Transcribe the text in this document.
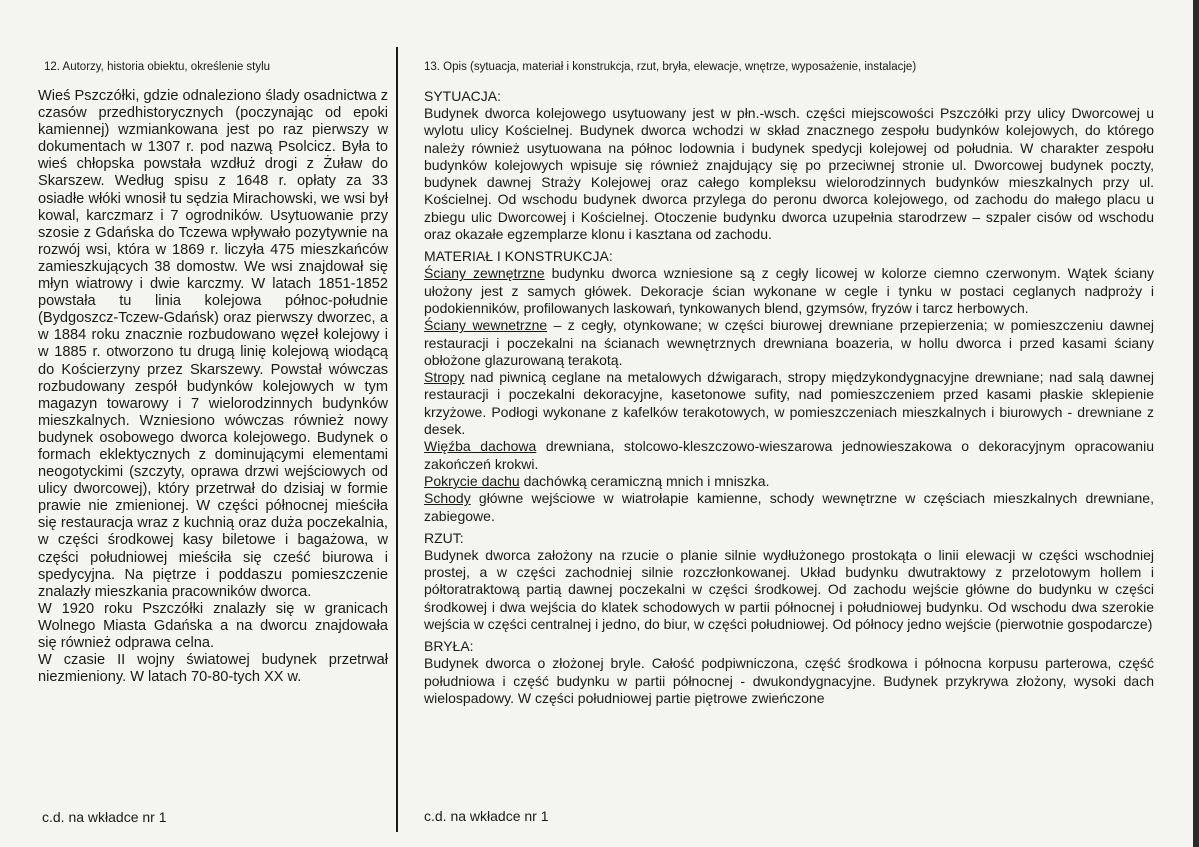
12. Autorzy, historia obiektu, określenie stylu

Wieś Pszczółki, gdzie odnaleziono ślady osadnictwa z czasów przedhistorycznych (poczynając od epoki kamiennej) wzmiankowana jest po raz pierwszy w dokumentach w 1307 r. pod nazwą Psolcicz. Była to wieś chłopska powstała wzdłuż drogi z Żuław do Skarszew. Według spisu z 1648 r. opłaty za 33 osiadłe włóki wnosił tu sędzia Mirachowski, we wsi był kowal, karczmarz i 7 ogrodników. Usytuowanie przy szosie z Gdańska do Tczewa wpływało pozytywnie na rozwój wsi, która w 1869 r. liczyła 475 mieszkańców zamieszkujących 38 domostw. We wsi znajdował się młyn wiatrowy i dwie karczmy. W latach 1851-1852 powstała tu linia kolejowa północ-południe (Bydgoszcz-Tczew-Gdańsk) oraz pierwszy dworzec, a w 1884 roku znacznie rozbudowano węzeł kolejowy i w 1885 r. otworzono tu drugą linię kolejową wiodącą do Kościerzyny przez Skarszewy. Powstał wówczas rozbudowany zespół budynków kolejowych w tym magazyn towarowy i 7 wielorodzinnych budynków mieszkalnych. Wzniesiono wówczas również nowy budynek osobowego dworca kolejowego. Budynek o formach eklektycznych z dominującymi elementami neogotyckimi (szczyty, oprawa drzwi wejściowych od ulicy dworcowej), który przetrwał do dzisiaj w formie prawie nie zmienionej. W części północnej mieściła się restauracja wraz z kuchnią oraz duża poczekalnia, w części środkowej kasy biletowe i bagażowa, w części południowej mieściła się cześć biurowa i spedycyjna. Na piętrze i poddaszu pomieszczenie znalazły mieszkania pracowników dworca.
W 1920 roku Pszczółki znalazły się w granicach Wolnego Miasta Gdańska a na dworcu znajdowała się również odprawa celna.
W czasie II wojny światowej budynek przetrwał niezmieniony. W latach 70-80-tych XX w.

13. Opis (sytuacja, materiał i konstrukcja, rzut, bryła, elewacje, wnętrze, wyposażenie, instalacje)

SYTUACJA:

Budynek dworca kolejowego usytuowany jest w płn.-wsch. części miejscowości Pszczółki przy ulicy Dworcowej u wylotu ulicy Kościelnej. Budynek dworca wchodzi w skład znacznego zespołu budynków kolejowych, do którego należy również usytuowana na północ lodownia i budynek spedycji kolejowej od południa. W charakter zespołu budynków kolejowych wpisuje się również znajdujący się po przeciwnej stronie ul. Dworcowej budynek poczty, budynek dawnej Straży Kolejowej oraz całego kompleksu wielorodzinnych budynków mieszkalnych przy ul. Kościelnej. Od wschodu budynek dworca przylega do peronu dworca kolejowego, od zachodu do małego placu u zbiegu ulic Dworcowej i Kościelnej. Otoczenie budynku dworca uzupełnia starodrzew – szpaler cisów od wschodu oraz okazałe egzemplarze klonu i kasztana od zachodu.

MATERIAŁ I KONSTRUKCJA:

Ściany zewnętrzne budynku dworca wzniesione są z cegły licowej w kolorze ciemno czerwonym. Wątek ściany ułożony jest z samych główek. Dekoracje ścian wykonane w cegle i tynku w postaci ceglanych nadproży i podokienników, profilowanych laskowań, tynkowanych blend, gzymsów, fryzów i tarcz herbowych.

Ściany wewnetrzne – z cegły, otynkowane; w części biurowej drewniane przepierzenia; w pomieszczeniu dawnej restauracji i poczekalni na ścianach wewnętrznych drewniana boazeria, w hollu dworca i przed kasami ściany obłożone glazurowaną terakotą.

Stropy nad piwnicą ceglane na metalowych dźwigarach, stropy międzykondygnacyjne drewniane; nad salą dawnej restauracji i poczekalni dekoracyjne, kasetonowe sufity, nad pomieszczeniem przed kasami płaskie sklepienie krzyżowe. Podłogi wykonane z kafelków terakotowych, w pomieszczeniach mieszkalnych i biurowych - drewniane z desek.

Więźba dachowa drewniana, stolcowo-kleszczowo-wieszarowa jednowieszakowa o dekoracyjnym opracowaniu zakończeń krokwi.

Pokrycie dachu dachówką ceramiczną mnich i mniszka.

Schody główne wejściowe w wiatrołapie kamienne, schody wewnętrzne w częściach mieszkalnych drewniane, zabiegowe.

RZUT:

Budynek dworca założony na rzucie o planie silnie wydłużonego prostokąta o linii elewacji w części wschodniej prostej, a w części zachodniej silnie rozczłonkowanej. Układ budynku dwutraktowy z przelotowym hollem i półtoratraktową partią dawnej poczekalni w części środkowej. Od zachodu wejście główne do budynku w części środkowej i dwa wejścia do klatek schodowych w partii północnej i południowej budynku. Od wschodu dwa szerokie wejścia w części centralnej i jedno, do biur, w części południowej. Od północy jedno wejście (pierwotnie gospodarcze)

BRYŁA:

Budynek dworca o złożonej bryle. Całość podpiwniczona, część środkowa i północna korpusu parterowa, część południowa i część budynku w partii północnej - dwukondygnacyjne. Budynek przykrywa złożony, wysoki dach wielospadowy. W części południowej partie piętrowe zwieńczone

c.d. na wkładce nr 1	c.d. na wkładce nr 1
